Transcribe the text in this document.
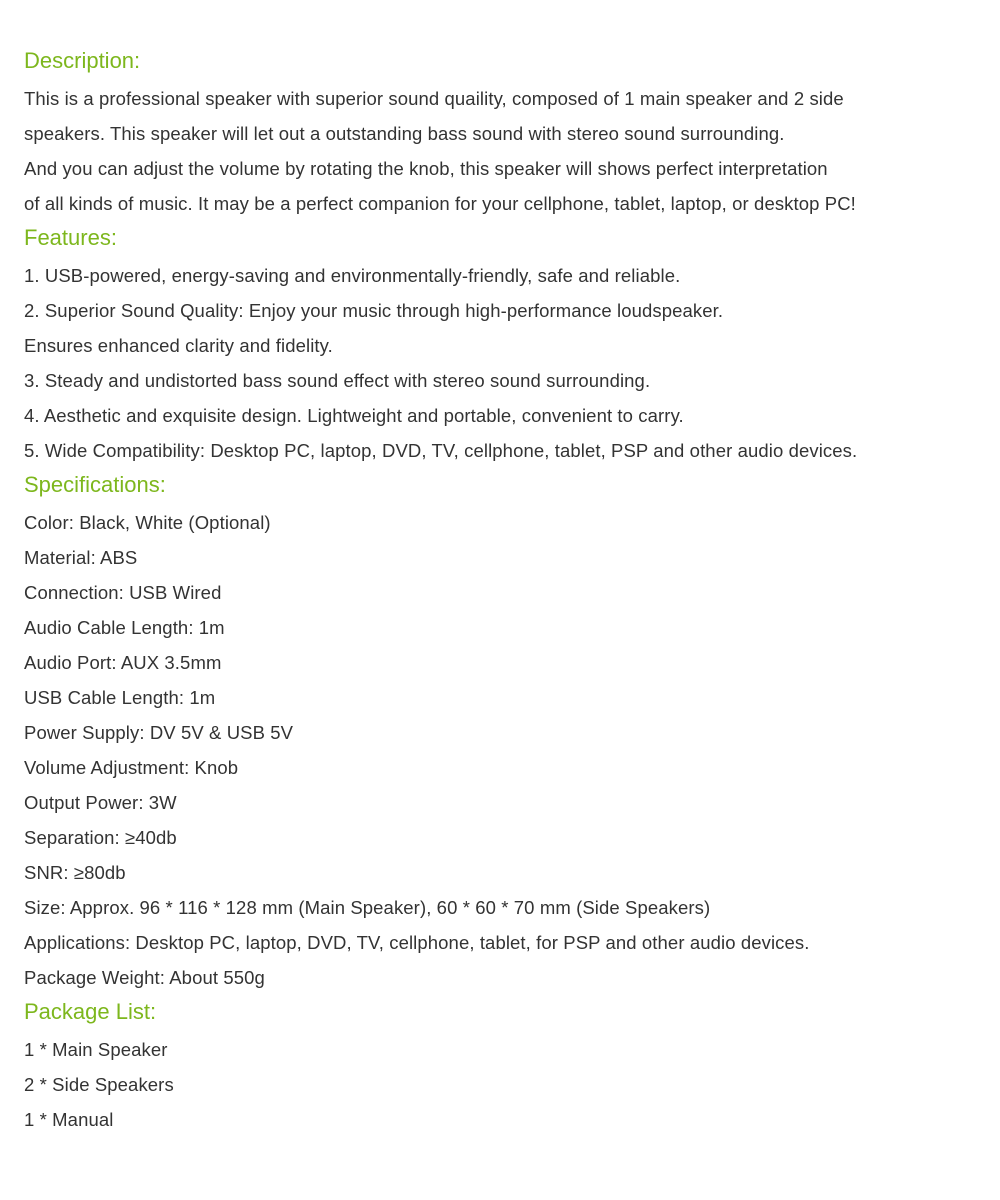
Description:
This is a professional speaker with superior sound quaility, composed of 1 main speaker and 2 side
speakers. This speaker will let out a outstanding bass sound with stereo sound surrounding.
And you can adjust the volume by rotating the knob, this speaker will shows perfect interpretation
of all kinds of music. It may be a perfect companion for your cellphone, tablet, laptop, or desktop PC!
Features:
1. USB-powered, energy-saving and environmentally-friendly, safe and reliable.
2. Superior Sound Quality: Enjoy your music through high-performance loudspeaker.
Ensures enhanced clarity and fidelity.
3. Steady and undistorted bass sound effect with stereo sound surrounding.
4. Aesthetic and exquisite design. Lightweight and portable, convenient to carry.
5. Wide Compatibility: Desktop PC, laptop, DVD, TV, cellphone, tablet, PSP and other audio devices.
Specifications:
Color: Black, White (Optional)
Material: ABS
Connection: USB Wired
Audio Cable Length: 1m
Audio Port: AUX 3.5mm
USB Cable Length: 1m
Power Supply: DV 5V & USB 5V
Volume Adjustment: Knob
Output Power: 3W
Separation: ≥40db
SNR: ≥80db
Size: Approx. 96 * 116 * 128 mm (Main Speaker), 60 * 60 * 70 mm (Side Speakers)
Applications: Desktop PC, laptop, DVD, TV, cellphone, tablet, for PSP and other audio devices.
Package Weight: About 550g
Package List:
1 * Main Speaker
2 * Side Speakers
1 * Manual
